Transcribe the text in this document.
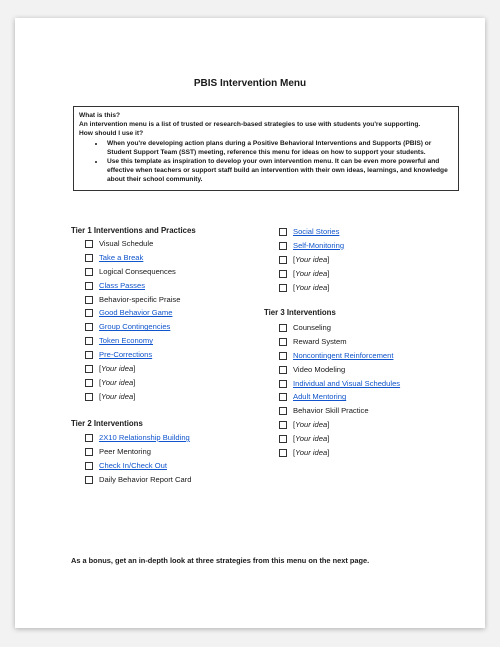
PBIS Intervention Menu
What is this?
An intervention menu is a list of trusted or research-based strategies to use with students you're supporting.
How should I use it?
• When you're developing action plans during a Positive Behavioral Interventions and Supports (PBIS) or Student Support Team (SST) meeting, reference this menu for ideas on how to support your students.
• Use this template as inspiration to develop your own intervention menu. It can be even more powerful and effective when teachers or support staff build an intervention with their own ideas, learnings, and knowledge about their school community.
Tier 1 Interventions and Practices
Visual Schedule
Take a Break
Logical Consequences
Class Passes
Behavior-specific Praise
Good Behavior Game
Group Contingencies
Token Economy
Pre-Corrections
[ Your idea ]
[ Your idea ]
[ Your idea ]
Tier 2 Interventions
2X10 Relationship Building
Peer Mentoring
Check In/Check Out
Daily Behavior Report Card
Social Stories
Self-Monitoring
[ Your idea ]
[ Your idea ]
[ Your idea ]
Tier 3 Interventions
Counseling
Reward System
Noncontingent Reinforcement
Video Modeling
Individual and Visual Schedules
Adult Mentoring
Behavior Skill Practice
[ Your idea ]
[ Your idea ]
[ Your idea ]
As a bonus, get an in-depth look at three strategies from this menu on the next page.
